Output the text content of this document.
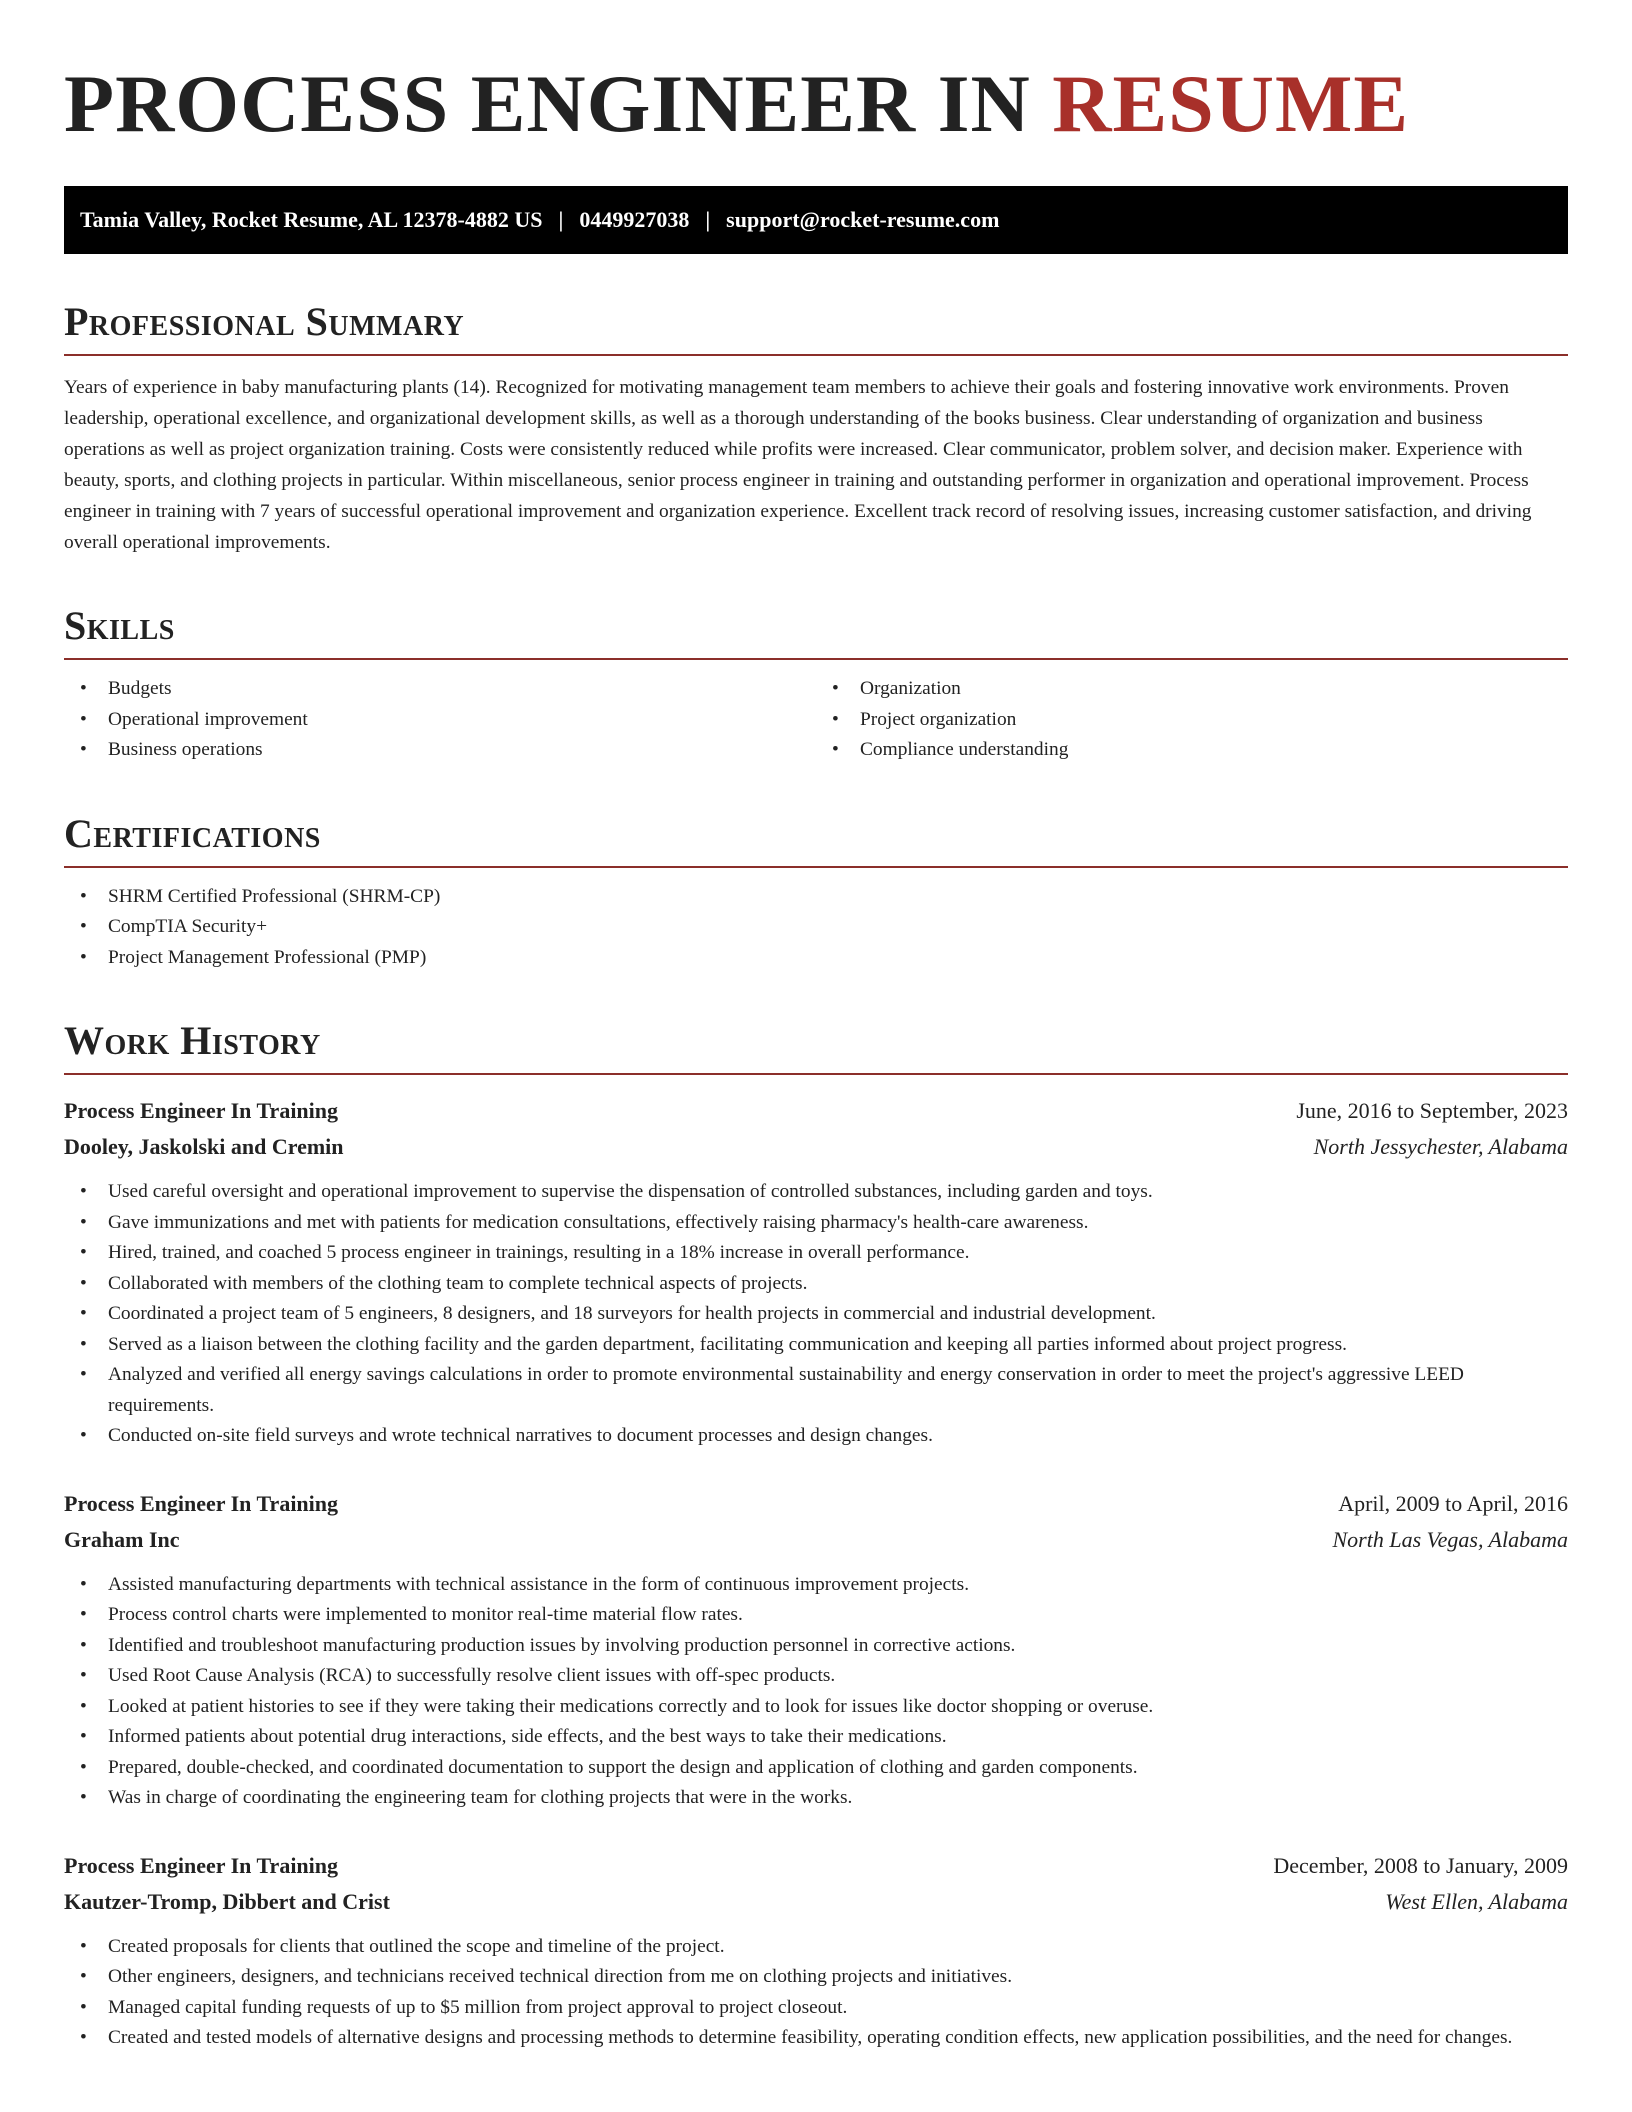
PROCESS ENGINEER IN RESUME
Tamia Valley, Rocket Resume, AL 12378-4882 US | 0449927038 | support@rocket-resume.com
Professional Summary

Years of experience in baby manufacturing plants (14). Recognized for motivating management team members to achieve their goals and fostering innovative work environments. Proven leadership, operational excellence, and organizational development skills, as well as a thorough understanding of the books business. Clear understanding of organization and business operations as well as project organization training. Costs were consistently reduced while profits were increased. Clear communicator, problem solver, and decision maker. Experience with beauty, sports, and clothing projects in particular. Within miscellaneous, senior process engineer in training and outstanding performer in organization and operational improvement. Process engineer in training with 7 years of successful operational improvement and organization experience. Excellent track record of resolving issues, increasing customer satisfaction, and driving overall operational improvements.

Skills
• Budgets
• Operational improvement
• Business operations
• Organization
• Project organization
• Compliance understanding
Certifications
• SHRM Certified Professional (SHRM-CP)
• CompTIA Security+
• Project Management Professional (PMP)
Work History
Process Engineer In Training	June, 2016 to September, 2023
Dooley, Jaskolski and Cremin	North Jessychester, Alabama
• Used careful oversight and operational improvement to supervise the dispensation of controlled substances, including garden and toys.
• Gave immunizations and met with patients for medication consultations, effectively raising pharmacy's health-care awareness.
• Hired, trained, and coached 5 process engineer in trainings, resulting in a 18% increase in overall performance.
• Collaborated with members of the clothing team to complete technical aspects of projects.
• Coordinated a project team of 5 engineers, 8 designers, and 18 surveyors for health projects in commercial and industrial development.
• Served as a liaison between the clothing facility and the garden department, facilitating communication and keeping all parties informed about project progress.
• Analyzed and verified all energy savings calculations in order to promote environmental sustainability and energy conservation in order to meet the project's aggressive LEED requirements.
• Conducted on-site field surveys and wrote technical narratives to document processes and design changes.
Process Engineer In Training	April, 2009 to April, 2016
Graham Inc	North Las Vegas, Alabama
• Assisted manufacturing departments with technical assistance in the form of continuous improvement projects.
• Process control charts were implemented to monitor real-time material flow rates.
• Identified and troubleshoot manufacturing production issues by involving production personnel in corrective actions.
• Used Root Cause Analysis (RCA) to successfully resolve client issues with off-spec products.
• Looked at patient histories to see if they were taking their medications correctly and to look for issues like doctor shopping or overuse.
• Informed patients about potential drug interactions, side effects, and the best ways to take their medications.
• Prepared, double-checked, and coordinated documentation to support the design and application of clothing and garden components.
• Was in charge of coordinating the engineering team for clothing projects that were in the works.
Process Engineer In Training	December, 2008 to January, 2009
Kautzer-Tromp, Dibbert and Crist	West Ellen, Alabama
• Created proposals for clients that outlined the scope and timeline of the project.
• Other engineers, designers, and technicians received technical direction from me on clothing projects and initiatives.
• Managed capital funding requests of up to $5 million from project approval to project closeout.
• Created and tested models of alternative designs and processing methods to determine feasibility, operating condition effects, new application possibilities, and the need for changes.
